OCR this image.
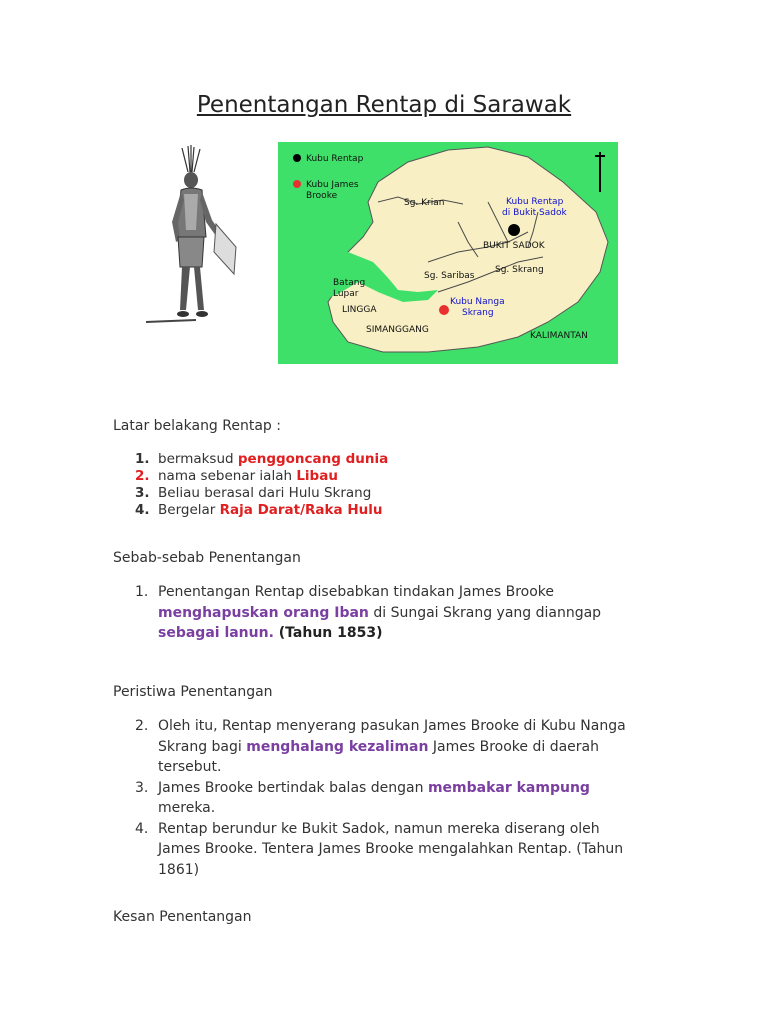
Penentangan Rentap di Sarawak
Kubu Rentap
Kubu James
Brooke
Sg. Krian	Kubu Rentap
di Bukit Sadok
BUKIT SADOK
Sg. Saribas
Sg. Skrang
Batang
Lupar
LINGGA
Kubu Nanga
Skrang
SIMANGGANG
KALIMANTAN
Latar belakang Rentap :
1. bermaksud penggoncang dunia
2. nama sebenar ialah Libau
3. Beliau berasal dari Hulu Skrang
4. Bergelar Raja Darat/Raka Hulu
Sebab-sebab Penentangan
1. Penentangan Rentap disebabkan tindakan James Brooke
menghapuskan orang Iban di Sungai Skrang yang dianngap
sebagai lanun. (Tahun 1853)
Peristiwa Penentangan
2. Oleh itu, Rentap menyerang pasukan James Brooke di Kubu Nanga Skrang bagi menghalang kezaliman James Brooke di daerah tersebut.
3. James Brooke bertindak balas dengan membakar kampung mereka.
4. Rentap berundur ke Bukit Sadok, namun mereka diserang oleh James Brooke. Tentera James Brooke mengalahkan Rentap. (Tahun 1861)
Kesan Penentangan
